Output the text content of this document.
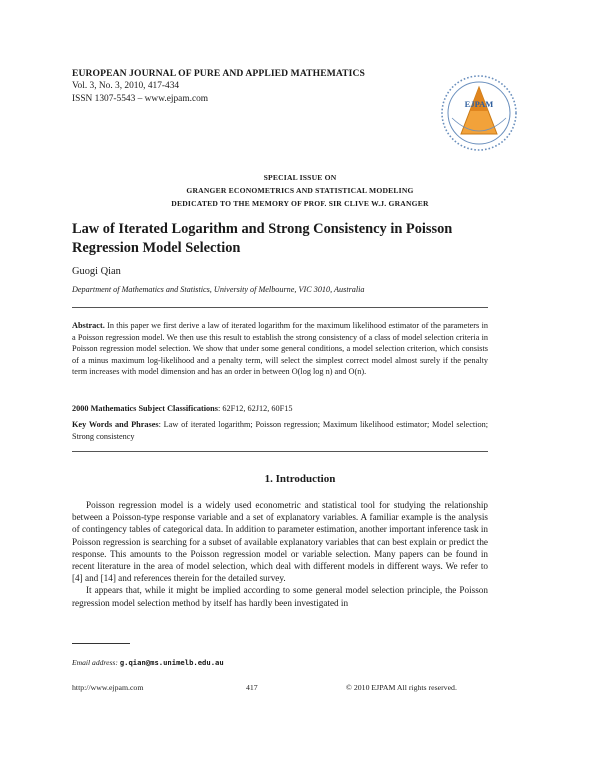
EUROPEAN JOURNAL OF PURE AND APPLIED MATHEMATICS
Vol. 3, No. 3, 2010, 417-434
ISSN 1307-5543 – www.ejpam.com	EJPAM
SPECIAL ISSUE ON
GRANGER ECONOMETRICS AND STATISTICAL MODELING
DEDICATED TO THE MEMORY OF PROF. SIR CLIVE W.J. GRANGER
Law of Iterated Logarithm and Strong Consistency in Poisson Regression Model Selection
Guogi Qian
Department of Mathematics and Statistics, University of Melbourne, VIC 3010, Australia
Abstract. In this paper we first derive a law of iterated logarithm for the maximum likelihood estimator of the parameters in a Poisson regression model. We then use this result to establish the strong consistency of a class of model selection criteria in Poisson regression model selection. We show that under some general conditions, a model selection criterion, which consists of a minus maximum log-likelihood and a penalty term, will select the simplest correct model almost surely if the penalty term increases with model dimension and has an order in between O(log log n) and O(n).
2000 Mathematics Subject Classifications: 62F12, 62J12, 60F15
Key Words and Phrases: Law of iterated logarithm; Poisson regression; Maximum likelihood estimator; Model selection; Strong consistency
1. Introduction

Poisson regression model is a widely used econometric and statistical tool for studying the relationship between a Poisson-type response variable and a set of explanatory variables. A familiar example is the analysis of contingency tables of categorical data. In addition to parameter estimation, another important inference task in Poisson regression is searching for a subset of available explanatory variables that can best explain or predict the response. This amounts to the Poisson regression model or variable selection. Many papers can be found in recent literature in the area of model selection, which deal with different models in different ways. We refer to [4] and [14] and references therein for the detailed survey.

It appears that, while it might be implied according to some general model selection principle, the Poisson regression model selection method by itself has hardly been investigated in

Email address: g.qian@ms.unimelb.edu.au
http://www.ejpam.com	417	© 2010 EJPAM All rights reserved.
